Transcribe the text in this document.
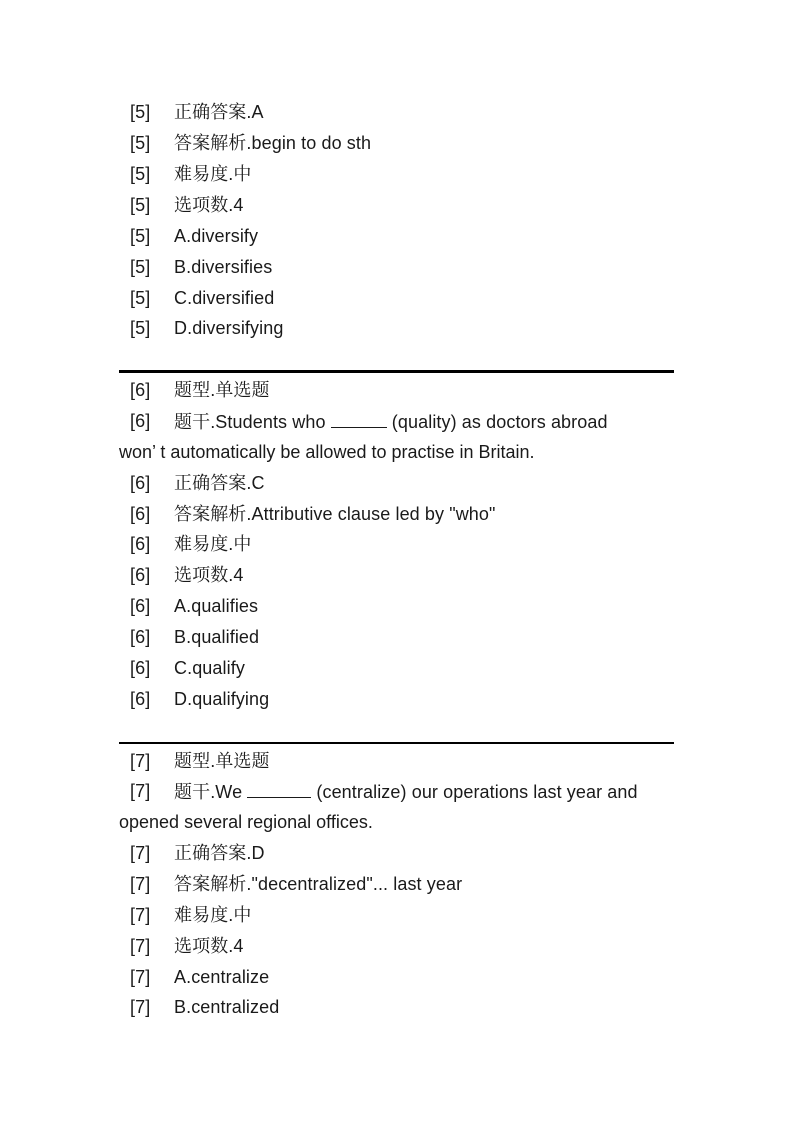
[5] 正确答案.A
[5] 答案解析.begin to do sth
[5] 难易度.中
[5] 选项数.4
[5] A.diversify
[5] B.diversifies
[5] C.diversified
[5] D.diversifying
[6] 题型.单选题
[6] 题干.Students who	(quality) as doctors abroad
won’ t automatically be allowed to practise in Britain.
[6] 正确答案.C
[6] 答案解析.Attributive clause led by "who"
[6] 难易度.中
[6] 选项数.4
[6] A.qualifies
[6] B.qualified
[6] C.qualify
[6] D.qualifying
[7] 题型.单选题
[7] 题干.We	(centralize) our operations last year and
opened several regional offices.
[7] 正确答案.D
[7] 答案解析."decentralized"... last year
[7] 难易度.中
[7] 选项数.4
[7] A.centralize
[7] B.centralized
